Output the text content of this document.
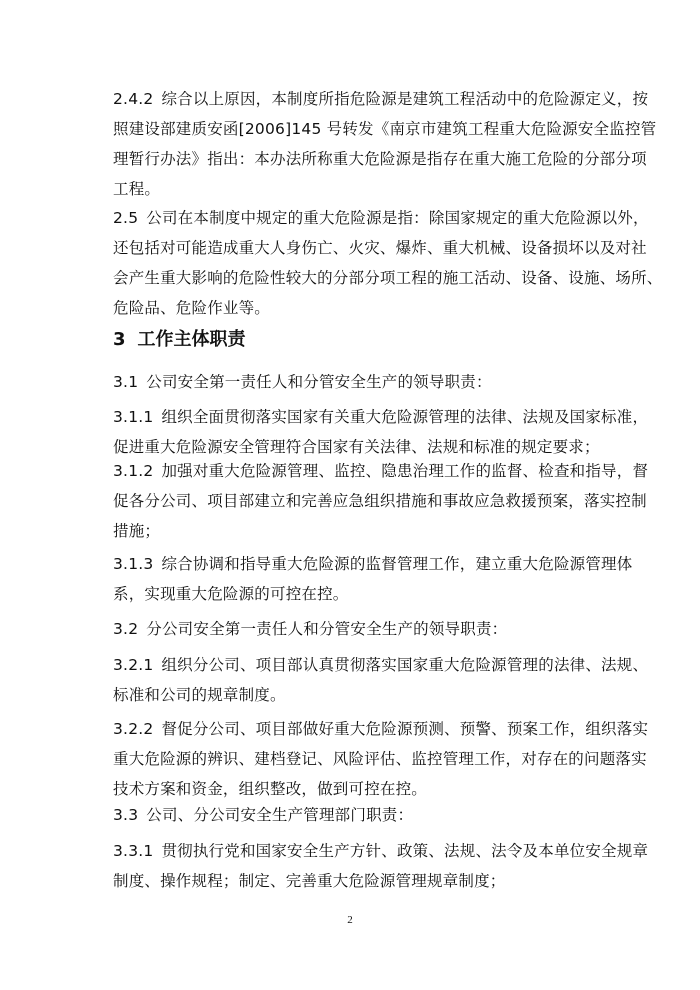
2.4.2 综合以上原因，本制度所指危险源是建筑工程活动中的危险源定义，按
照建设部建质安函[2006]145 号转发《南京市建筑工程重大危险源安全监控管
理暂行办法》指出：本办法所称重大危险源是指存在重大施工危险的分部分项
工程。
2.5 公司在本制度中规定的重大危险源是指：除国家规定的重大危险源以外，
还包括对可能造成重大人身伤亡、火灾、爆炸、重大机械、设备损坏以及对社
会产生重大影响的危险性较大的分部分项工程的施工活动、设备、设施、场所、
危险品、危险作业等。
3 工作主体职责
3.1 公司安全第一责任人和分管安全生产的领导职责：
3.1.1 组织全面贯彻落实国家有关重大危险源管理的法律、法规及国家标准，
促进重大危险源安全管理符合国家有关法律、法规和标准的规定要求；
3.1.2 加强对重大危险源管理、监控、隐患治理工作的监督、检查和指导，督
促各分公司、项目部建立和完善应急组织措施和事故应急救援预案，落实控制
措施；
3.1.3 综合协调和指导重大危险源的监督管理工作，建立重大危险源管理体
系，实现重大危险源的可控在控。
3.2 分公司安全第一责任人和分管安全生产的领导职责：
3.2.1 组织分公司、项目部认真贯彻落实国家重大危险源管理的法律、法规、
标准和公司的规章制度。
3.2.2 督促分公司、项目部做好重大危险源预测、预警、预案工作，组织落实
重大危险源的辨识、建档登记、风险评估、监控管理工作，对存在的问题落实
技术方案和资金，组织整改，做到可控在控。
3.3 公司、分公司安全生产管理部门职责：
3.3.1 贯彻执行党和国家安全生产方针、政策、法规、法令及本单位安全规章
制度、操作规程；制定、完善重大危险源管理规章制度；
2
